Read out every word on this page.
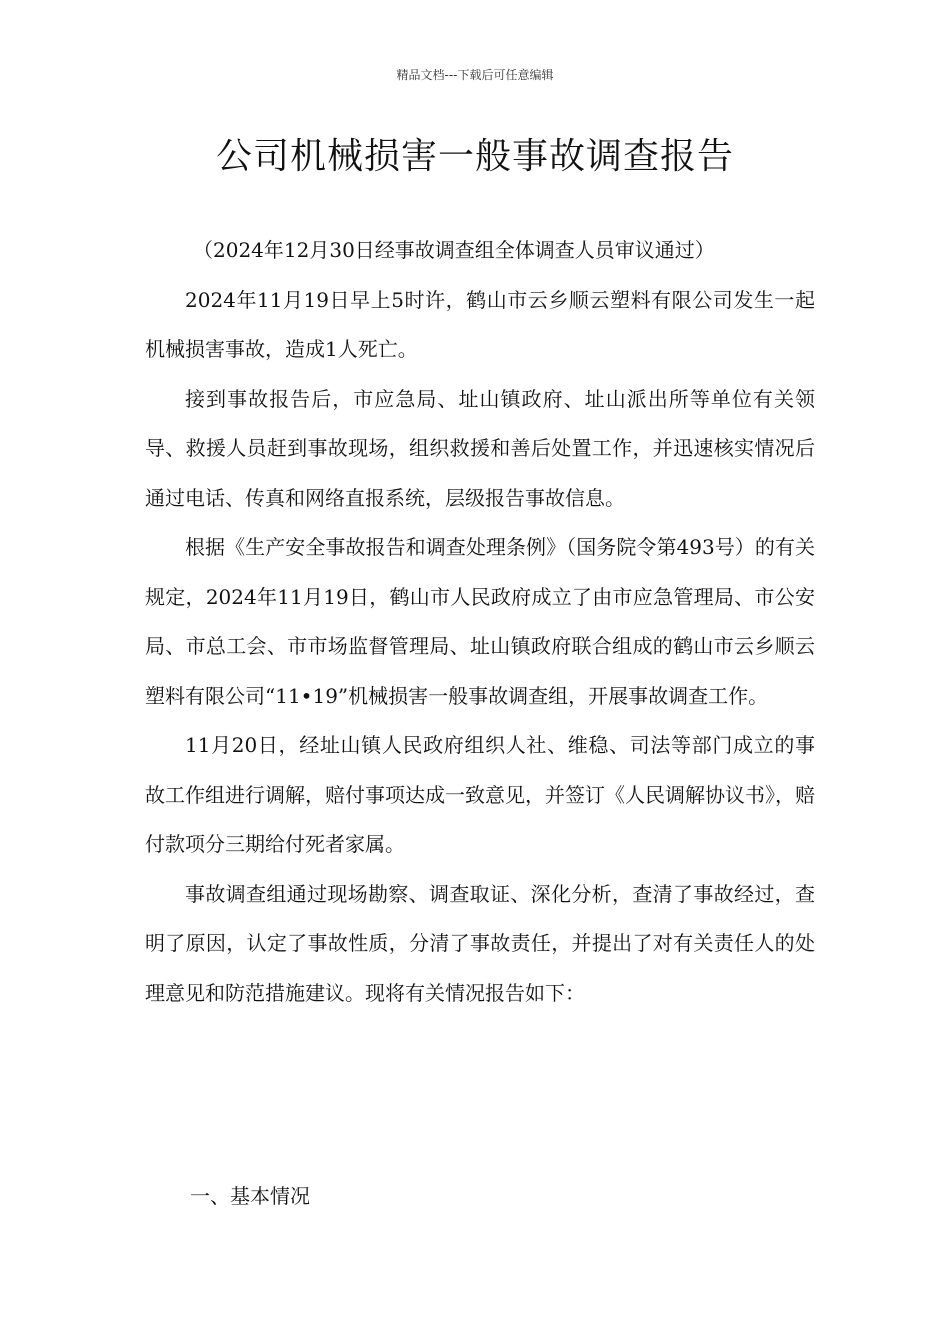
精品文档---下载后可任意编辑
公司机械损害一般事故调查报告

（2024年12月30日经事故调查组全体调查人员审议通过）

2024年11月19日早上5时许，鹤山市云乡顺云塑料有限公司发生一起机械损害事故，造成1人死亡。

接到事故报告后，市应急局、址山镇政府、址山派出所等单位有关领导、救援人员赶到事故现场，组织救援和善后处置工作，并迅速核实情况后通过电话、传真和网络直报系统，层级报告事故信息。

根据《生产安全事故报告和调查处理条例》（国务院令第493号）的有关规定，2024年11月19日，鹤山市人民政府成立了由市应急管理局、市公安局、市总工会、市市场监督管理局、址山镇政府联合组成的鹤山市云乡顺云塑料有限公司“11•19”机械损害一般事故调查组，开展事故调查工作。

11月20日，经址山镇人民政府组织人社、维稳、司法等部门成立的事故工作组进行调解，赔付事项达成一致意见，并签订《人民调解协议书》，赔付款项分三期给付死者家属。

事故调查组通过现场勘察、调查取证、深化分析，查清了事故经过，查明了原因，认定了事故性质，分清了事故责任，并提出了对有关责任人的处理意见和防范措施建议。现将有关情况报告如下：

一、基本情况
